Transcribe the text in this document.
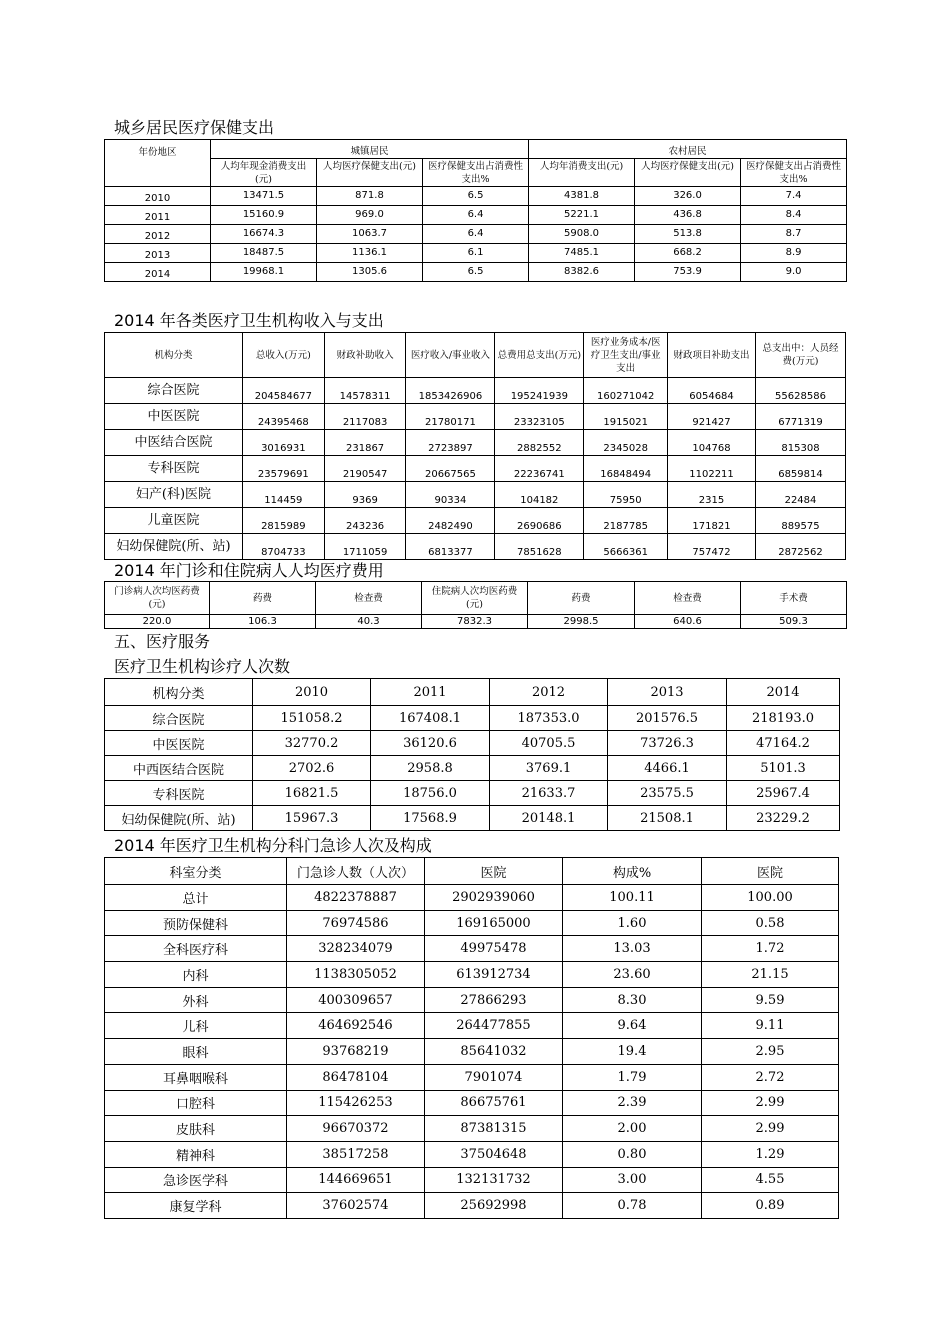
城乡居民医疗保健支出
年份地区	城镇居民			农村居民		
	人均年现金消费支出(元)	人均医疗保健支出(元)	医疗保健支出占消费性支出%	人均年消费支出(元)	人均医疗保健支出(元)	医疗保健支出占消费性支出%
2010	13471.5	871.8	6.5	4381.8	326.0	7.4
2011	15160.9	969.0	6.4	5221.1	436.8	8.4
2012	16674.3	1063.7	6.4	5908.0	513.8	8.7
2013	18487.5	1136.1	6.1	7485.1	668.2	8.9
2014	19968.1	1305.6	6.5	8382.6	753.9	9.0
2014 年各类医疗卫生机构收入与支出
机构分类	总收入(万元)	财政补助收入	医疗收入/事业收入	总费用总支出(万元)	医疗业务成本/医疗卫生支出/事业支出	财政项目补助支出	总支出中：人员经费(万元)
综合医院	204584677	14578311	1853426906	195241939	160271042	6054684	55628586
中医医院	24395468	2117083	21780171	23323105	1915021	921427	6771319
中医结合医院	3016931	231867	2723897	2882552	2345028	104768	815308
专科医院	23579691	2190547	20667565	22236741	16848494	1102211	6859814
妇产(科)医院	114459	9369	90334	104182	75950	2315	22484
儿童医院	2815989	243236	2482490	2690686	2187785	171821	889575
妇幼保健院(所、站)	8704733	1711059	6813377	7851628	5666361	757472	2872562
2014 年门诊和住院病人人均医疗费用
门诊病人次均医药费(元)	药费	检查费	住院病人次均医药费(元)	药费	检查费	手术费
220.0	106.3	40.3	7832.3	2998.5	640.6	509.3
五、医疗服务
医疗卫生机构诊疗人次数
机构分类	2010	2011	2012	2013	2014
综合医院	151058.2	167408.1	187353.0	201576.5	218193.0
中医医院	32770.2	36120.6	40705.5	73726.3	47164.2
中西医结合医院	2702.6	2958.8	3769.1	4466.1	5101.3
专科医院	16821.5	18756.0	21633.7	23575.5	25967.4
妇幼保健院(所、站)	15967.3	17568.9	20148.1	21508.1	23229.2
2014 年医疗卫生机构分科门急诊人次及构成
科室分类	门急诊人数（人次）	医院	构成%	医院
总计	4822378887	2902939060	100.11	100.00
预防保健科	76974586	169165000	1.60	0.58
全科医疗科	328234079	49975478	13.03	1.72
内科	1138305052	613912734	23.60	21.15
外科	400309657	27866293	8.30	9.59
儿科	464692546	264477855	9.64	9.11
眼科	93768219	85641032	19.4	2.95
耳鼻咽喉科	86478104	7901074	1.79	2.72
口腔科	115426253	86675761	2.39	2.99
皮肤科	96670372	87381315	2.00	2.99
精神科	38517258	37504648	0.80	1.29
急诊医学科	144669651	132131732	3.00	4.55
康复学科	37602574	25692998	0.78	0.89
